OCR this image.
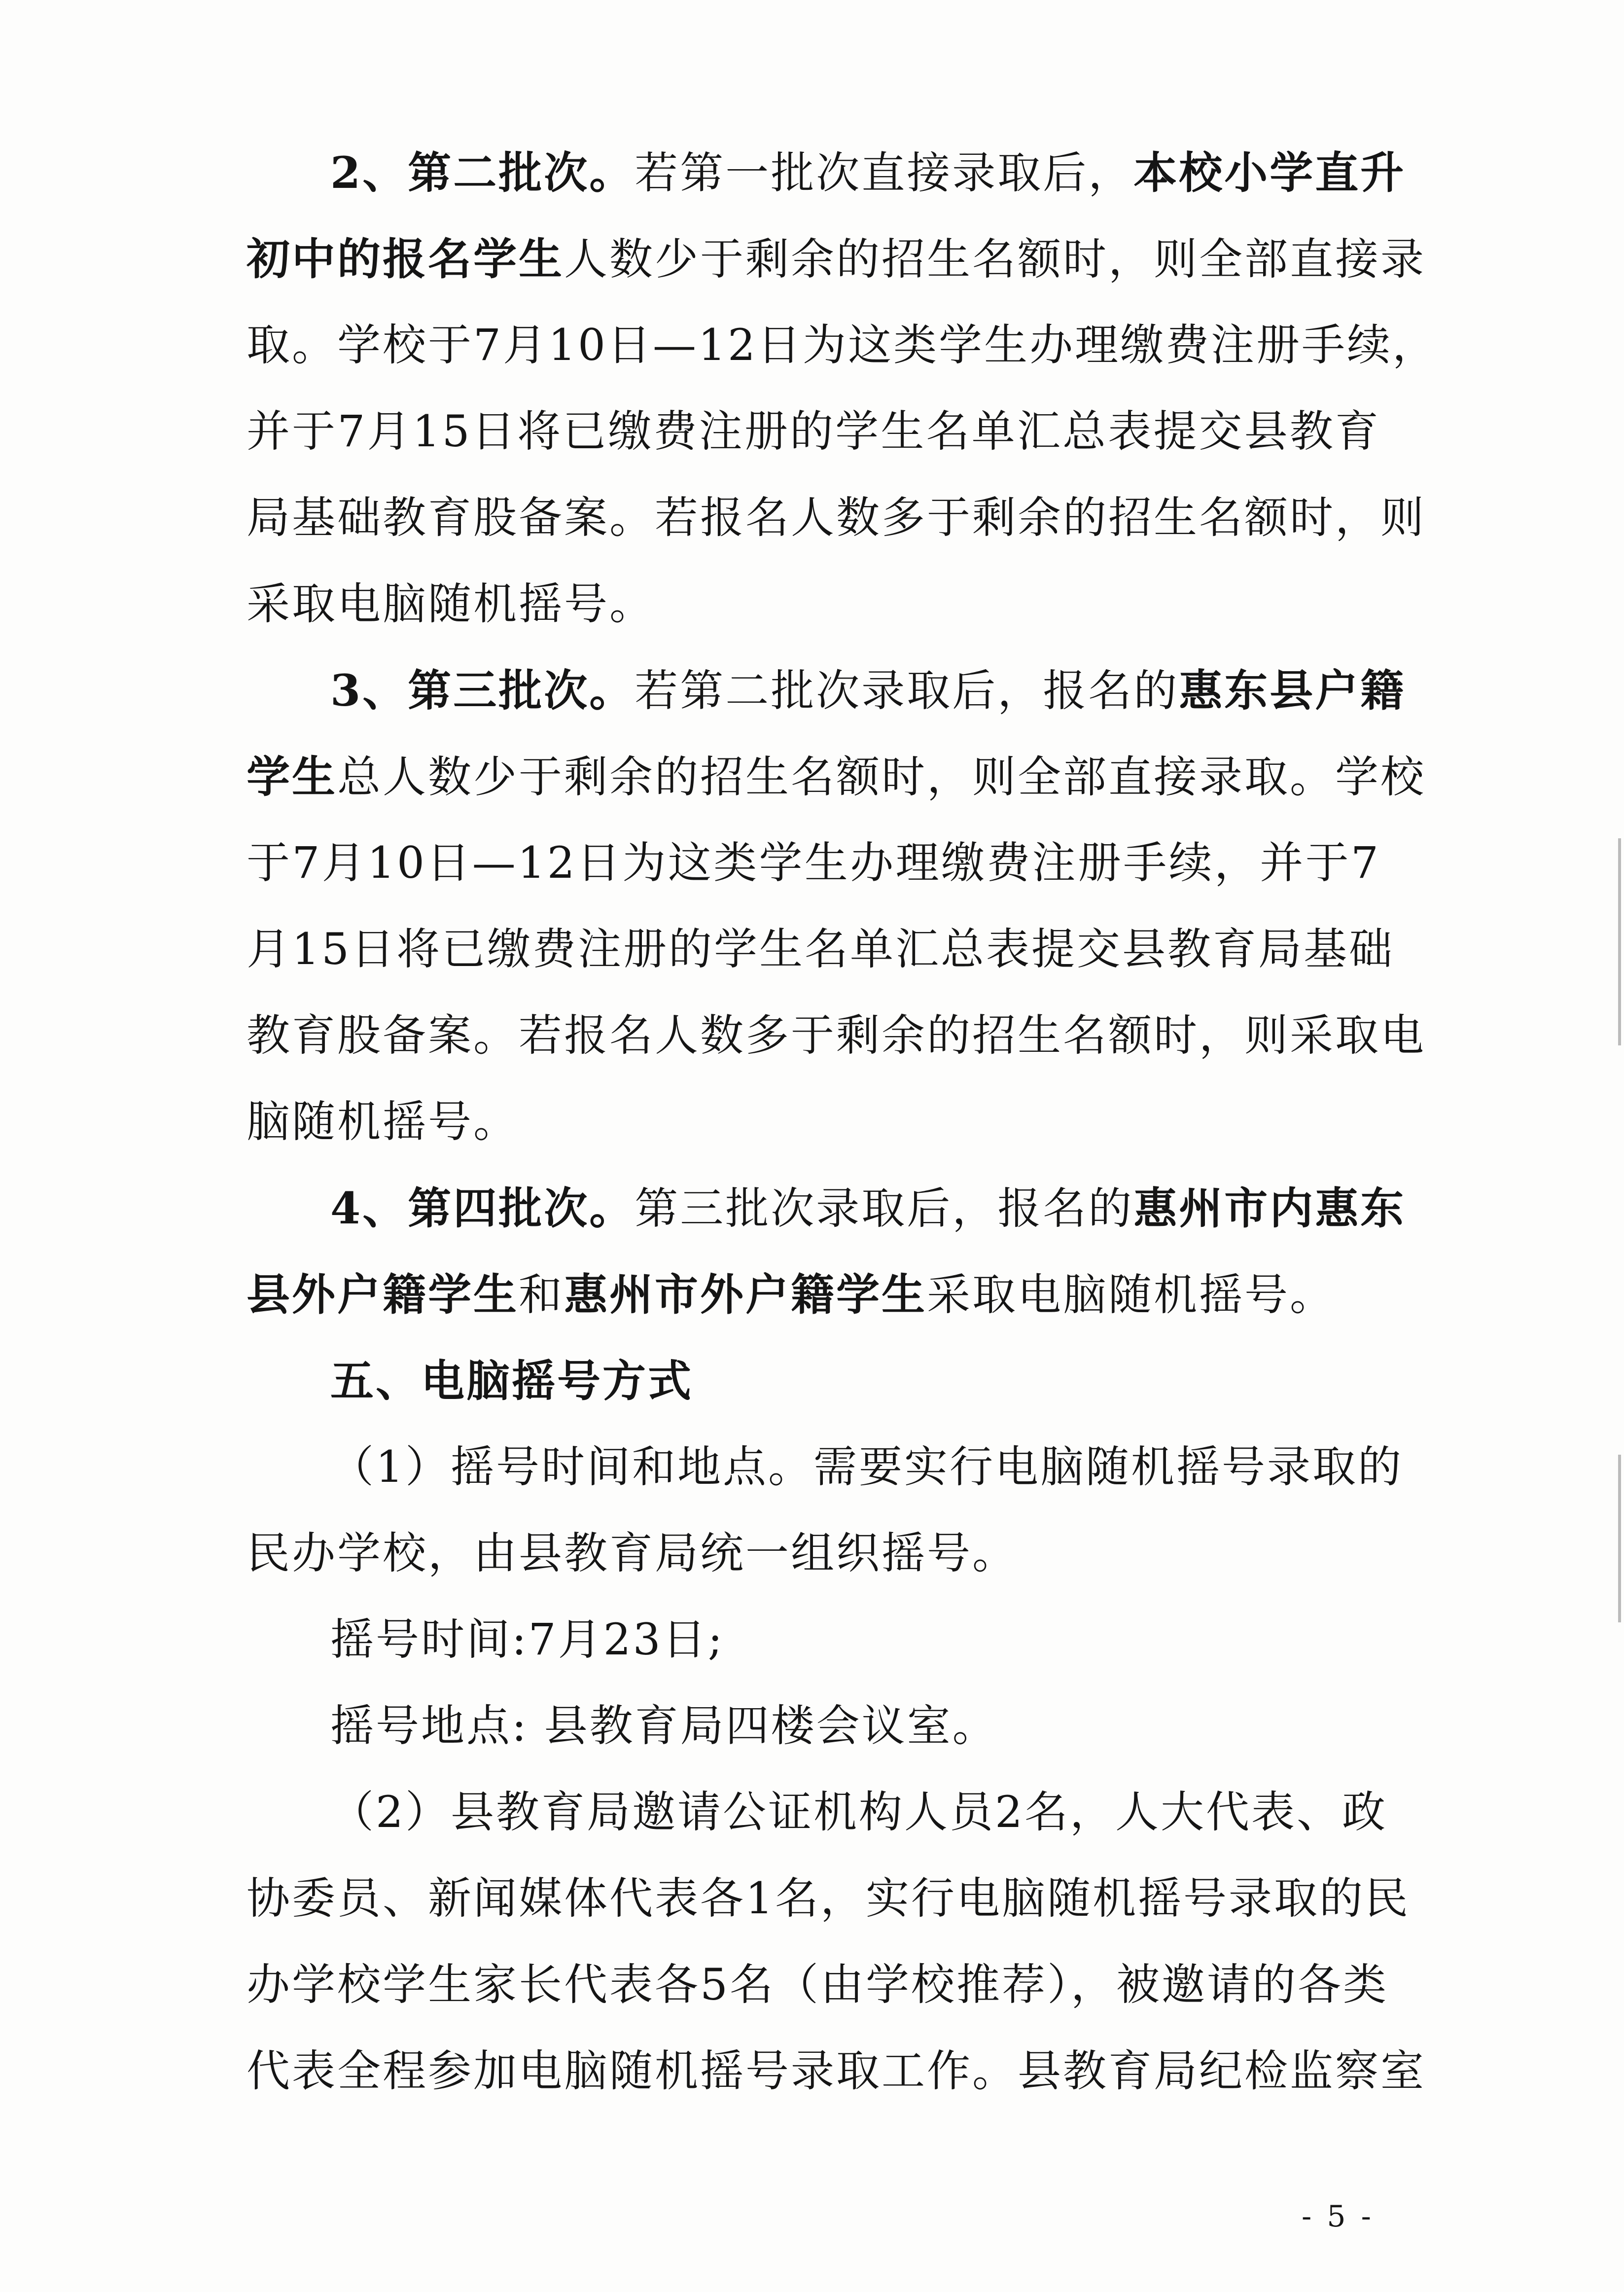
2、第二批次。若第一批次直接录取后，本校小学直升
初中的报名学生人数少于剩余的招生名额时，则全部直接录
取。学校于7月10日—12日为这类学生办理缴费注册手续，
并于7月15日将已缴费注册的学生名单汇总表提交县教育
局基础教育股备案。若报名人数多于剩余的招生名额时，则
采取电脑随机摇号。
3、第三批次。若第二批次录取后，报名的惠东县户籍
学生总人数少于剩余的招生名额时，则全部直接录取。学校
于7月10日—12日为这类学生办理缴费注册手续，并于7
月15日将已缴费注册的学生名单汇总表提交县教育局基础
教育股备案。若报名人数多于剩余的招生名额时，则采取电
脑随机摇号。
4、第四批次。第三批次录取后，报名的惠州市内惠东
县外户籍学生和惠州市外户籍学生采取电脑随机摇号。
五、电脑摇号方式
（1）摇号时间和地点。需要实行电脑随机摇号录取的
民办学校，由县教育局统一组织摇号。
摇号时间:7月23日;
摇号地点: 县教育局四楼会议室。
（2）县教育局邀请公证机构人员2名，人大代表、政
协委员、新闻媒体代表各1名，实行电脑随机摇号录取的民
办学校学生家长代表各5名（由学校推荐），被邀请的各类
代表全程参加电脑随机摇号录取工作。县教育局纪检监察室
- 5 -
